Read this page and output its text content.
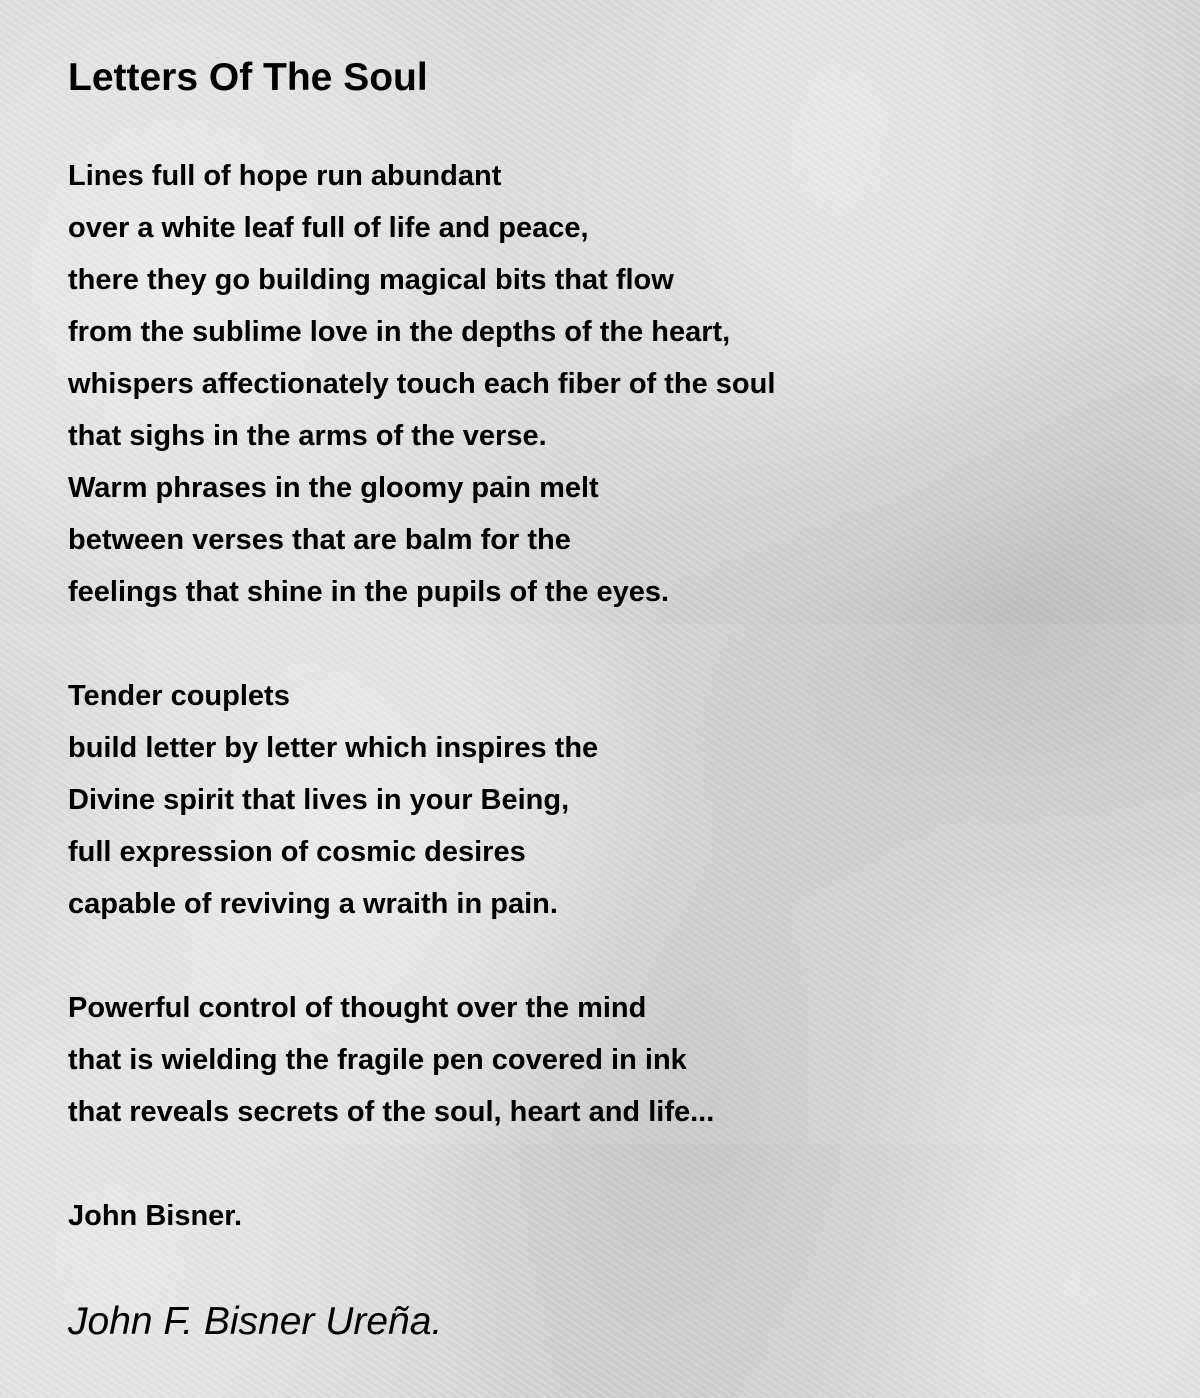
Letters Of The Soul
Lines full of hope run abundant
over a white leaf full of life and peace,
there they go building magical bits that flow
from the sublime love in the depths of the heart,
whispers affectionately touch each fiber of the soul
that sighs in the arms of the verse.
Warm phrases in the gloomy pain melt
between verses that are balm for the
feelings that shine in the pupils of the eyes.
Tender couplets
build letter by letter which inspires the
Divine spirit that lives in your Being,
full expression of cosmic desires
capable of reviving a wraith in pain.
Powerful control of thought over the mind
that is wielding the fragile pen covered in ink
that reveals secrets of the soul, heart and life...
John Bisner.

John F. Bisner Ureña.
